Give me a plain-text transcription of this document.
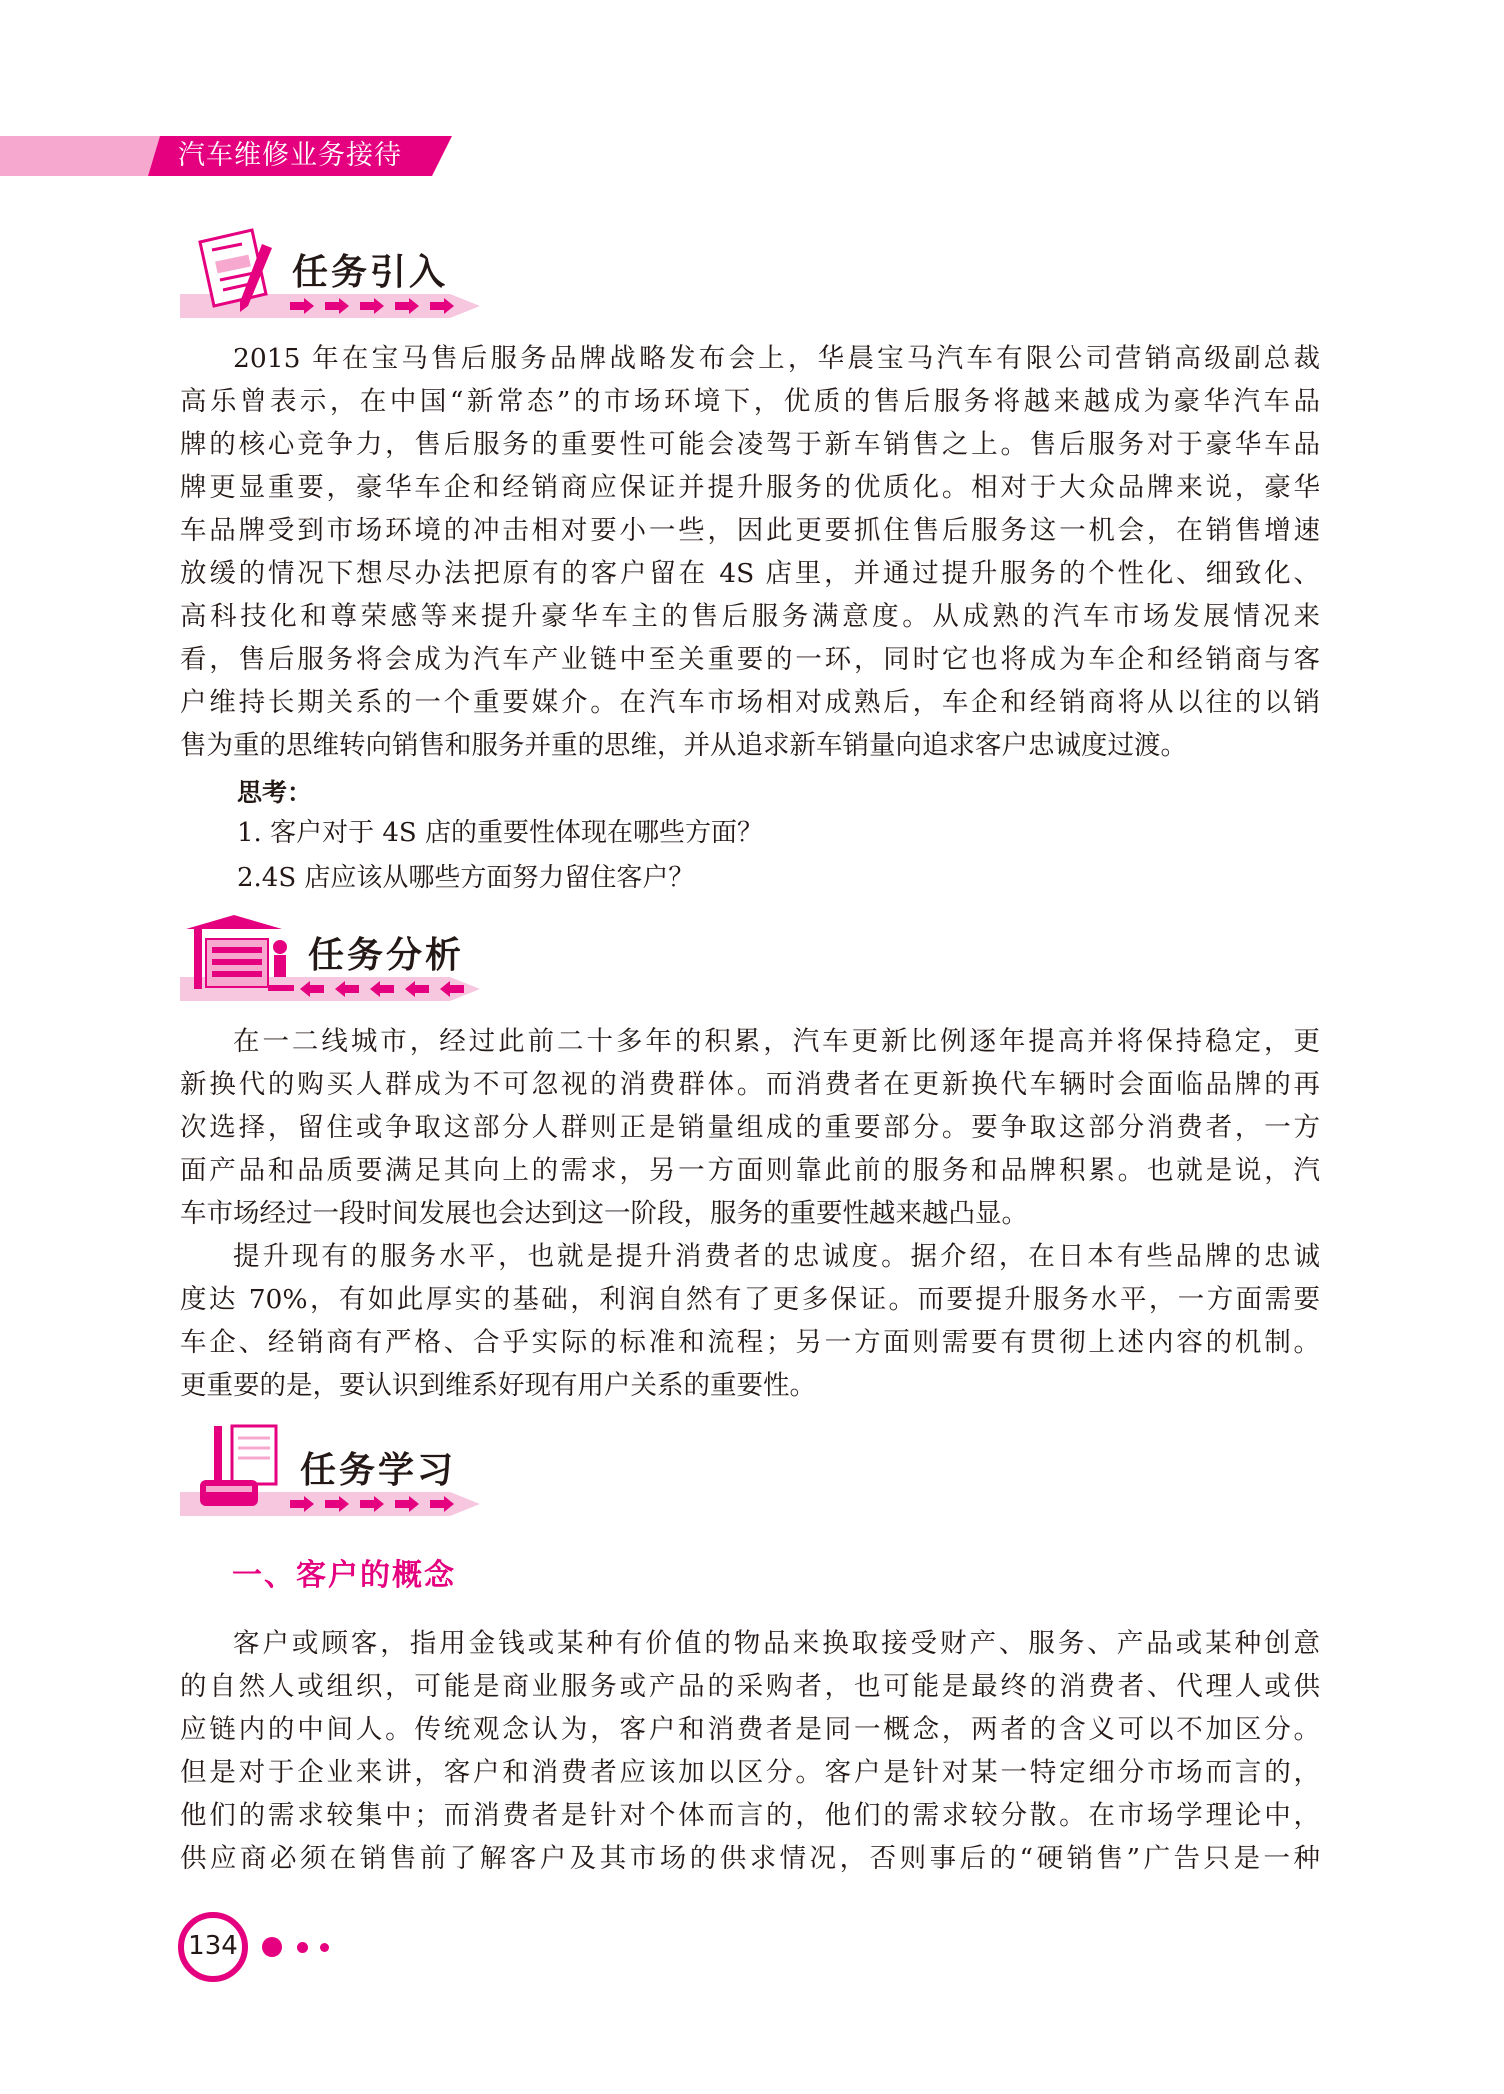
汽车维修业务接待
任务引入
2015 年在宝马售后服务品牌战略发布会上，华晨宝马汽车有限公司营销高级副总裁
高乐曾表示，在中国“新常态”的市场环境下，优质的售后服务将越来越成为豪华汽车品
牌的核心竞争力，售后服务的重要性可能会凌驾于新车销售之上。售后服务对于豪华车品
牌更显重要，豪华车企和经销商应保证并提升服务的优质化。相对于大众品牌来说，豪华
车品牌受到市场环境的冲击相对要小一些，因此更要抓住售后服务这一机会，在销售增速
放缓的情况下想尽办法把原有的客户留在 4S 店里，并通过提升服务的个性化、细致化、
高科技化和尊荣感等来提升豪华车主的售后服务满意度。从成熟的汽车市场发展情况来
看，售后服务将会成为汽车产业链中至关重要的一环，同时它也将成为车企和经销商与客
户维持长期关系的一个重要媒介。在汽车市场相对成熟后，车企和经销商将从以往的以销
售为重的思维转向销售和服务并重的思维，并从追求新车销量向追求客户忠诚度过渡。
思考：
1. 客户对于 4S 店的重要性体现在哪些方面？
2.4S 店应该从哪些方面努力留住客户？
任务分析
在一二线城市，经过此前二十多年的积累，汽车更新比例逐年提高并将保持稳定，更
新换代的购买人群成为不可忽视的消费群体。而消费者在更新换代车辆时会面临品牌的再
次选择，留住或争取这部分人群则正是销量组成的重要部分。要争取这部分消费者，一方
面产品和品质要满足其向上的需求，另一方面则靠此前的服务和品牌积累。也就是说，汽
车市场经过一段时间发展也会达到这一阶段，服务的重要性越来越凸显。
提升现有的服务水平，也就是提升消费者的忠诚度。据介绍，在日本有些品牌的忠诚
度达 70%，有如此厚实的基础，利润自然有了更多保证。而要提升服务水平，一方面需要
车企、经销商有严格、合乎实际的标准和流程；另一方面则需要有贯彻上述内容的机制。
更重要的是，要认识到维系好现有用户关系的重要性。
任务学习
一、客户的概念
客户或顾客，指用金钱或某种有价值的物品来换取接受财产、服务、产品或某种创意
的自然人或组织，可能是商业服务或产品的采购者，也可能是最终的消费者、代理人或供
应链内的中间人。传统观念认为，客户和消费者是同一概念，两者的含义可以不加区分。
但是对于企业来讲，客户和消费者应该加以区分。客户是针对某一特定细分市场而言的，
他们的需求较集中；而消费者是针对个体而言的，他们的需求较分散。在市场学理论中，
供应商必须在销售前了解客户及其市场的供求情况，否则事后的“硬销售”广告只是一种
134
